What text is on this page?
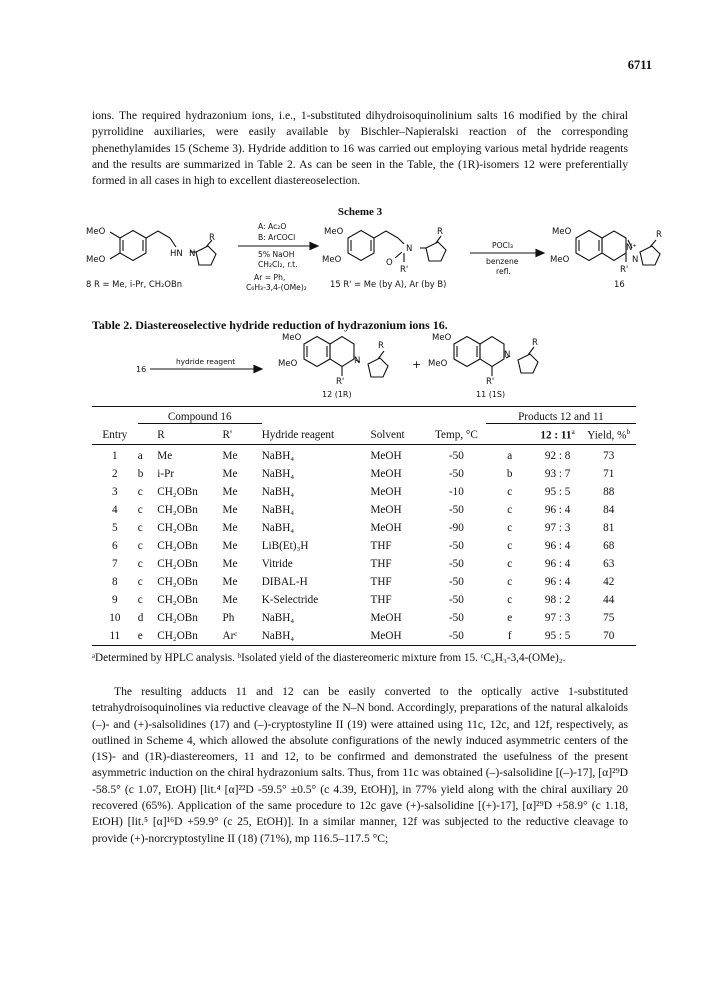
6711

ions. The required hydrazonium ions, i.e., 1-substituted dihydroisoquinolinium salts 16 modified by the chiral pyrrolidine auxiliaries, were easily available by Bischler–Napieralski reaction of the corresponding phenethylamides 15 (Scheme 3). Hydride addition to 16 was carried out employing various metal hydride reagents and the results are summarized in Table 2. As can be seen in the Table, the (1R)-isomers 12 were preferentially formed in all cases in high to excellent diastereoselection.

Scheme 3
MeO
MeO
HN N
R
8 R = Me, i-Pr, CH₂OBn
A: Ac₂O
B: ArCOCl
5% NaOH
CH₂Cl₂, r.t.
Ar = Ph,
C₆H₃-3,4-(OMe)₂
MeO
MeO	O
N
R
R'
15 R' = Me (by A), Ar (by B)
POCl₃
benzene
refl.
MeO
MeO
N⁺
N
R
R'
16
16
hydride reagent
MeO
MeO	N
R
R'
12 (1R)
+
MeO
MeO
N
R
R'
11 (1S)
Table 2. Diastereoselective hydride reduction of hydrazonium ions 16.

	Compound 16						Products 12 and 11		

Entry		R	R'	Hydride reagent	Solvent	Temp, °C		12 : 11$^a$	Yield, %$^b$
1	a	Me	Me	NaBH₄	MeOH	-50	a	92 : 8	73
2	b	i-Pr	Me	NaBH₄	MeOH	-50	b	93 : 7	71
3	c	CH₂OBn	Me	NaBH₄	MeOH	-10	c	95 : 5	88
4	c	CH₂OBn	Me	NaBH₄	MeOH	-50	c	96 : 4	84
5	c	CH₂OBn	Me	NaBH₄	MeOH	-90	c	97 : 3	81
6	c	CH₂OBn	Me	LiB(Et)₃H	THF	-50	c	96 : 4	68
7	c	CH₂OBn	Me	Vitride	THF	-50	c	96 : 4	63
8	c	CH₂OBn	Me	DIBAL-H	THF	-50	c	96 : 4	42
9	c	CH₂OBn	Me	K-Selectride	THF	-50	c	98 : 2	44
10	d	CH₂OBn	Ph	NaBH₄	MeOH	-50	e	97 : 3	75
11	e	CH₂OBn	Arᶜ	NaBH₄	MeOH	-50	f	95 : 5	70

ᵃDetermined by HPLC analysis. ᵇIsolated yield of the diastereomeric mixture from 15. ᶜC₆H₃-3,4-(OMe)₂.

The resulting adducts 11 and 12 can be easily converted to the optically active 1-substituted tetrahydroisoquinolines via reductive cleavage of the N–N bond. Accordingly, preparations of the natural alkaloids (–)- and (+)-salsolidines (17) and (–)-cryptostyline II (19) were attained using 11c, 12c, and 12f, respectively, as outlined in Scheme 4, which allowed the absolute configurations of the newly induced asymmetric centers of the (1S)- and (1R)-diastereomers, 11 and 12, to be confirmed and demonstrated the usefulness of the present asymmetric induction on the chiral hydrazonium salts. Thus, from 11c was obtained (–)-salsolidine [(–)-17], [α]²⁹D -58.5° (c 1.07, EtOH) [lit.⁴ [α]²²D -59.5° ±0.5° (c 4.39, EtOH)], in 77% yield along with the chiral auxiliary 20 recovered (65%). Application of the same procedure to 12c gave (+)-salsolidine [(+)-17], [α]²⁹D +58.9° (c 1.18, EtOH) [lit.⁵ [α]¹⁶D +59.9° (c 25, EtOH)]. In a similar manner, 12f was subjected to the reductive cleavage to provide (+)-norcryptostyline II (18) (71%), mp 116.5–117.5 °C;
